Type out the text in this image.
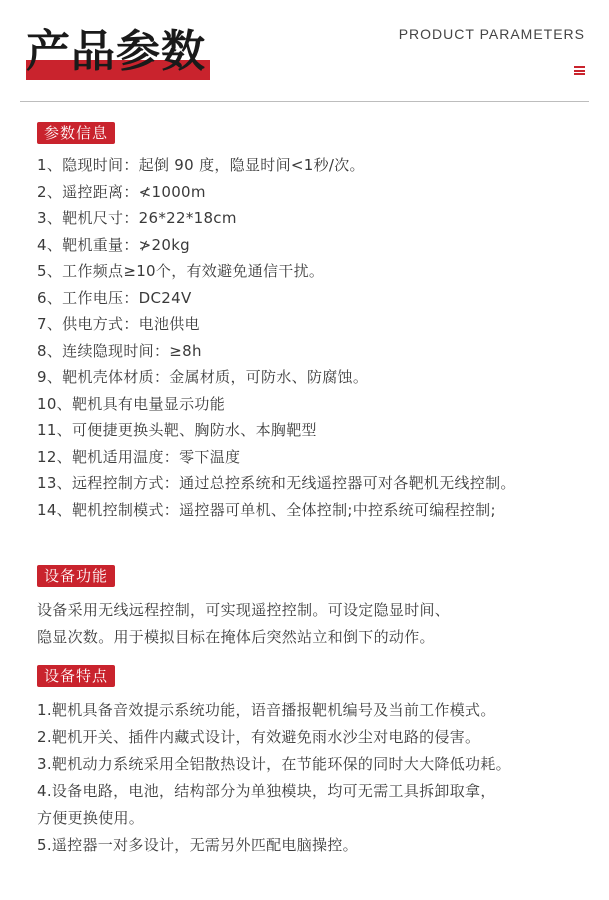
产品参数	PRODUCT PARAMETERS
参数信息
1、隐现时间：起倒 90 度，隐显时间<1秒/次。
2、遥控距离：≮1000m
3、靶机尺寸：26*22*18cm
4、靶机重量：≯20kg
5、工作频点≥10个，有效避免通信干扰。
6、工作电压：DC24V
7、供电方式：电池供电
8、连续隐现时间：≥8h
9、靶机壳体材质：金属材质，可防水、防腐蚀。
10、靶机具有电量显示功能
11、可便捷更换头靶、胸防水、本胸靶型
12、靶机适用温度：零下温度
13、远程控制方式：通过总控系统和无线遥控器可对各靶机无线控制。
14、靶机控制模式：遥控器可单机、全体控制;中控系统可编程控制;
设备功能
设备采用无线远程控制，可实现遥控控制。可设定隐显时间、
隐显次数。用于模拟目标在掩体后突然站立和倒下的动作。
设备特点
1.靶机具备音效提示系统功能，语音播报靶机编号及当前工作模式。
2.靶机开关、插件内藏式设计，有效避免雨水沙尘对电路的侵害。
3.靶机动力系统采用全铝散热设计，在节能环保的同时大大降低功耗。
4.设备电路，电池，结构部分为单独模块，均可无需工具拆卸取拿，
方便更换使用。
5.遥控器一对多设计，无需另外匹配电脑操控。
